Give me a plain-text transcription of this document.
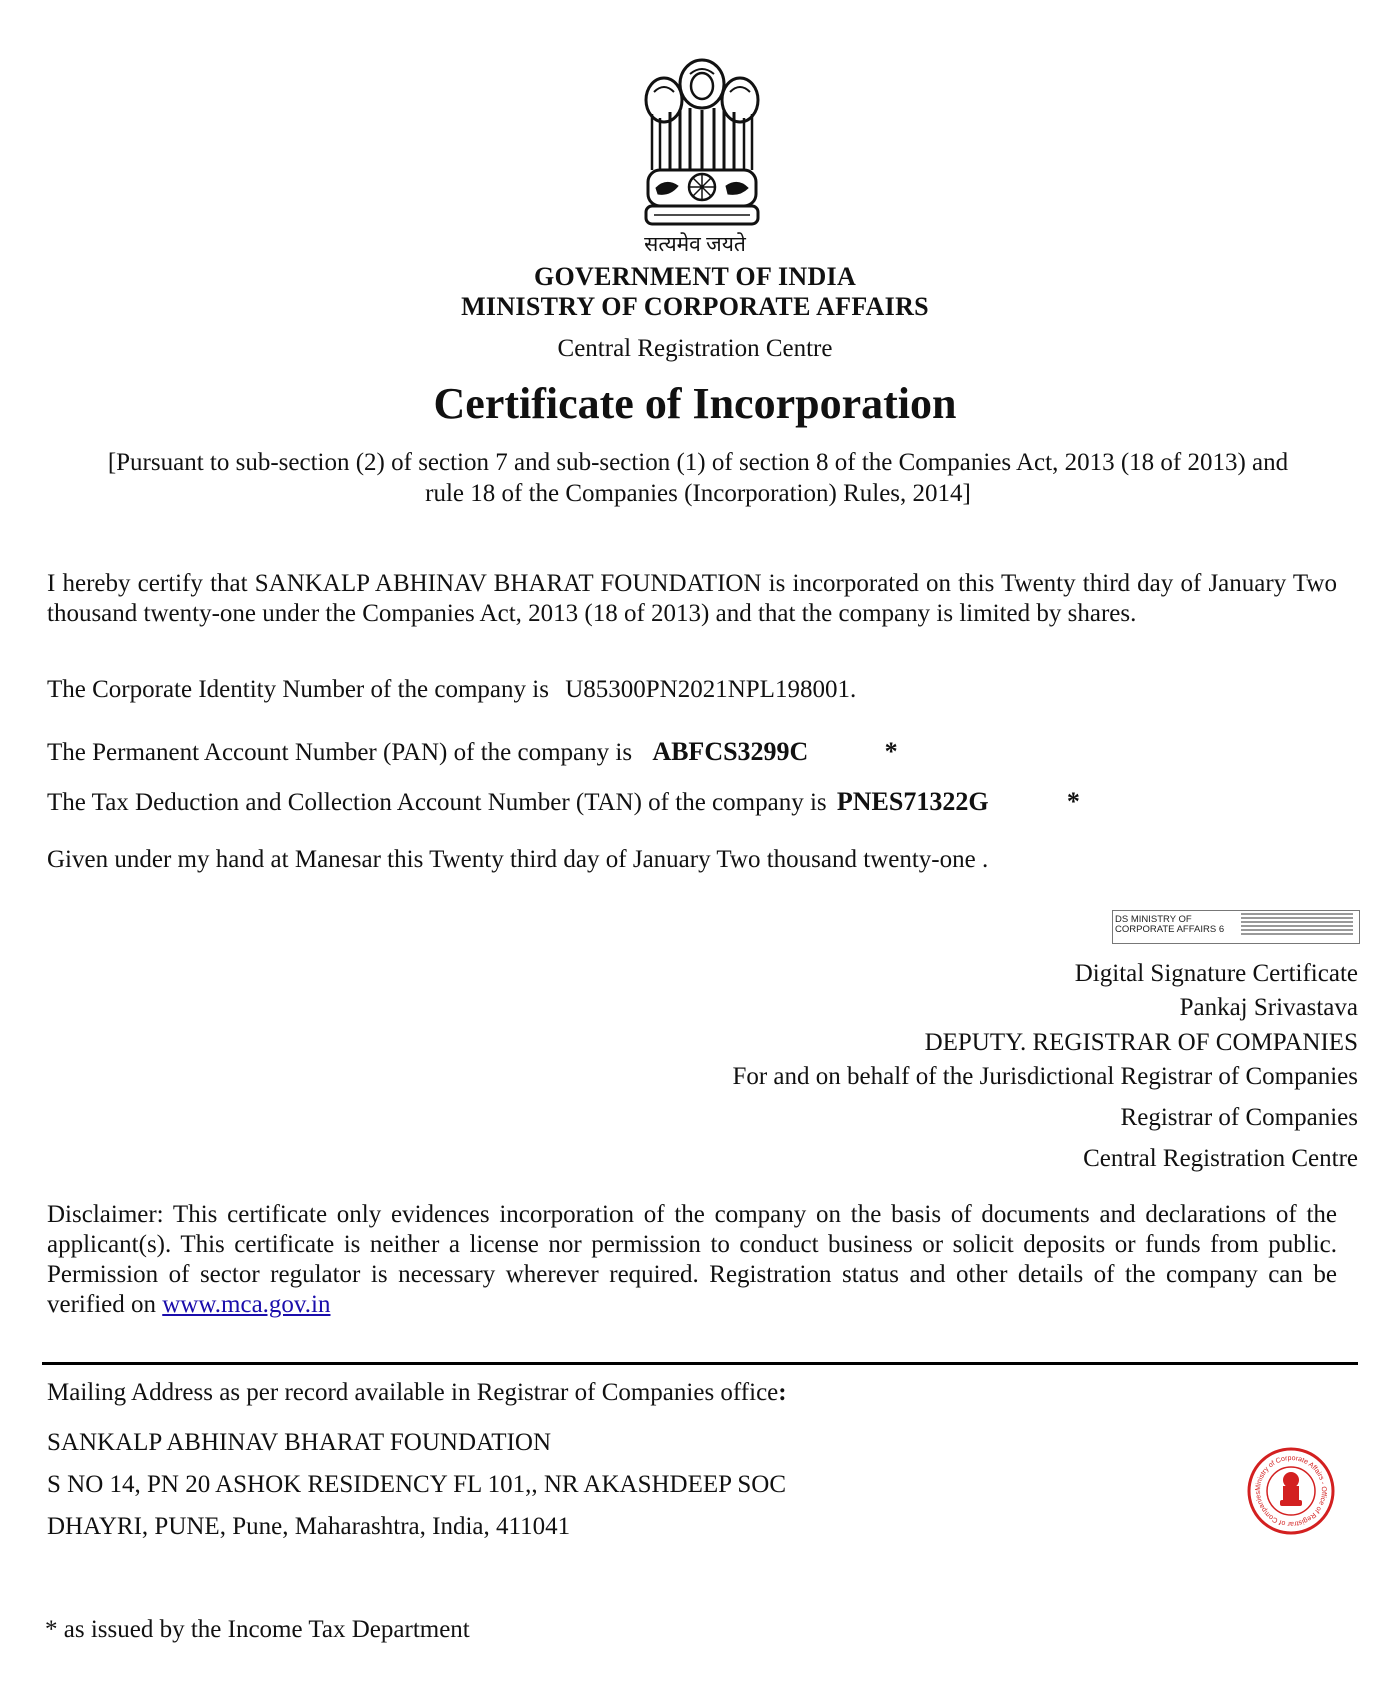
सत्यमेव जयते
GOVERNMENT OF INDIA
MINISTRY OF CORPORATE AFFAIRS
Central Registration Centre
Certificate of Incorporation
[Pursuant to sub-section (2) of section 7 and sub-section (1) of section 8 of the Companies Act, 2013 (18 of 2013) and
rule 18 of the Companies (Incorporation) Rules, 2014]
I hereby certify that SANKALP ABHINAV BHARAT FOUNDATION is incorporated on this Twenty third day of January Two thousand twenty-one under the Companies Act, 2013 (18 of 2013) and that the company is limited by shares.
The Corporate Identity Number of the company is U85300PN2021NPL198001.
The Permanent Account Number (PAN) of the company is ABFCS3299C	*
The Tax Deduction and Collection Account Number (TAN) of the company is PNES71322G	*
Given under my hand at Manesar this Twenty third day of January Two thousand twenty-one .
DS MINISTRY OF
CORPORATE AFFAIRS 6
Digital Signature Certificate
Pankaj Srivastava
DEPUTY. REGISTRAR OF COMPANIES
For and on behalf of the Jurisdictional Registrar of Companies
Registrar of Companies
Central Registration Centre
Disclaimer: This certificate only evidences incorporation of the company on the basis of documents and declarations of the applicant(s). This certificate is neither a license nor permission to conduct business or solicit deposits or funds from public. Permission of sector regulator is necessary wherever required. Registration status and other details of the company can be verified on www.mca.gov.in
Mailing Address as per record available in Registrar of Companies office:
SANKALP ABHINAV BHARAT FOUNDATION
S NO 14, PN 20 ASHOK RESIDENCY FL 101,, NR AKASHDEEP SOC
DHAYRI, PUNE, Pune, Maharashtra, India, 411041
Ministry of Corporate Affairs - Office of Registrar of Companies
* as issued by the Income Tax Department
